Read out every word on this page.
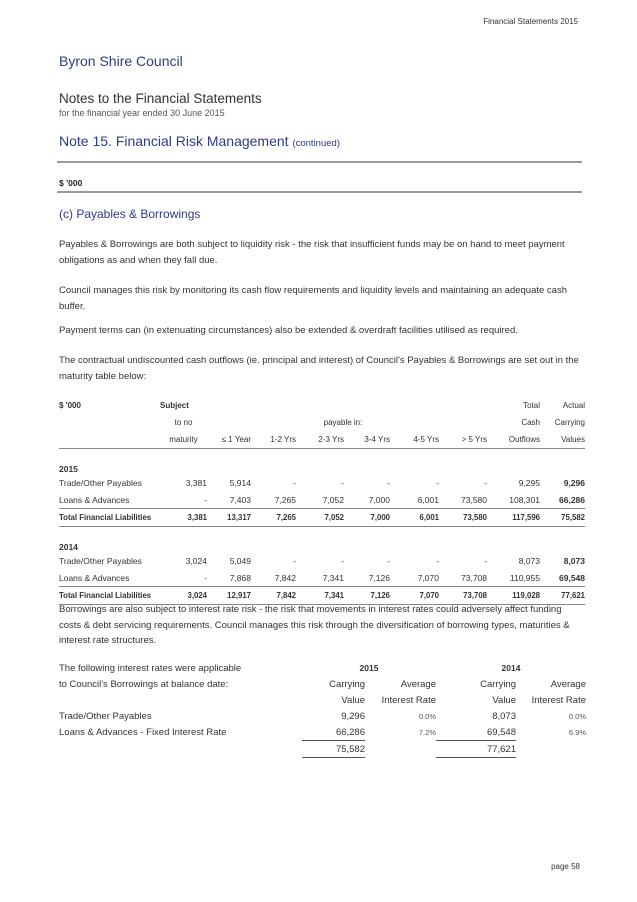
Financial Statements 2015
Byron Shire Council
Notes to the Financial Statements
for the financial year ended 30 June 2015
Note 15. Financial Risk Management (continued)
$ '000
(c) Payables & Borrowings
Payables & Borrowings are both subject to liquidity risk - the risk that insufficient funds may be on hand to meet payment obligations as and when they fall due.
Council manages this risk by monitoring its cash flow requirements and liquidity levels and maintaining an adequate cash buffer.
Payment terms can (in extenuating circumstances) also be extended & overdraft facilities utilised as required.
The contractual undiscounted cash outflows (ie. principal and interest) of Council's Payables & Borrowings are set out in the maturity table below:
$ '000	Subject							Total	Actual
	to no			payable in:				Cash	Carrying
	maturity	≤ 1 Year	1-2 Yrs	2-3 Yrs	3-4 Yrs	4-5 Yrs	> 5 Yrs	Outflows	Values

2015									
Trade/Other Payables	3,381	5,914	-	-	-	-	-	9,295	9,296
Loans & Advances	-	7,403	7,265	7,052	7,000	6,001	73,580	108,301	66,286
Total Financial Liabilities	3,381	13,317	7,265	7,052	7,000	6,001	73,580	117,596	75,582

2014									
Trade/Other Payables	3,024	5,049	-	-	-	-	-	8,073	8,073
Loans & Advances	-	7,868	7,842	7,341	7,126	7,070	73,708	110,955	69,548
Total Financial Liabilities	3,024	12,917	7,842	7,341	7,126	7,070	73,708	119,028	77,621
Borrowings are also subject to interest rate risk - the risk that movements in interest rates could adversely affect funding costs & debt servicing requirements. Council manages this risk through the diversification of borrowing types, maturities & interest rate structures.
The following interest rates were applicable	2015		2014	
to Council's Borrowings at balance date:	Carrying	Average	Carrying	Average
	Value	Interest Rate	Value	Interest Rate
Trade/Other Payables	9,296	0.0%	8,073	0.0%
Loans & Advances - Fixed Interest Rate	66,286	7.2%	69,548	6.9%
	75,582		77,621	
page 58
